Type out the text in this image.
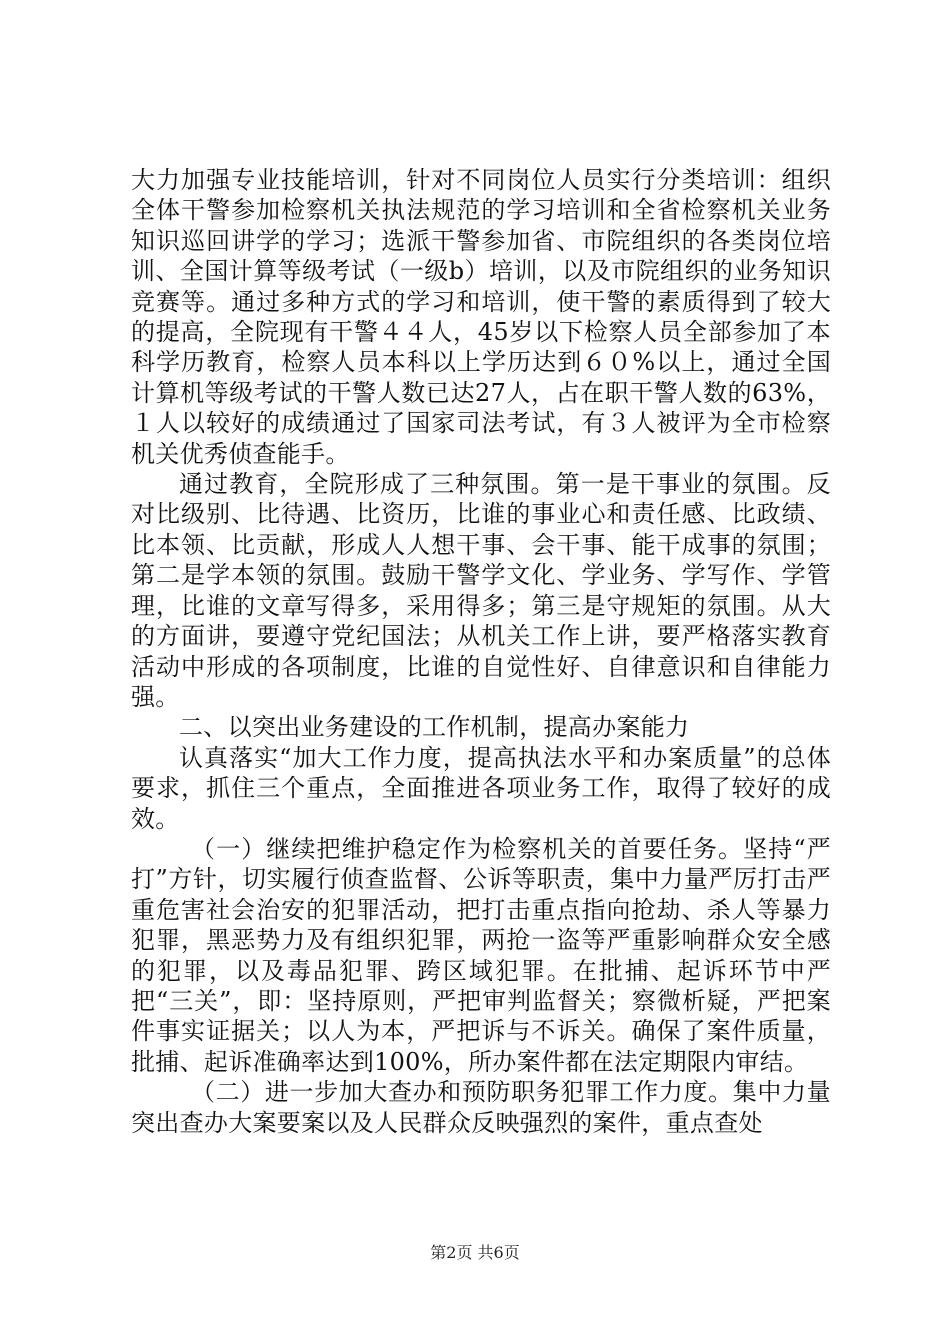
大力加强专业技能培训，针对不同岗位人员实行分类培训：组织全体干警参加检察机关执法规范的学习培训和全省检察机关业务知识巡回讲学的学习；选派干警参加省、市院组织的各类岗位培训、全国计算等级考试（一级b）培训，以及市院组织的业务知识竞赛等。通过多种方式的学习和培训，使干警的素质得到了较大的提高，全院现有干警４４人，45岁以下检察人员全部参加了本科学历教育，检察人员本科以上学历达到６０%以上，通过全国计算机等级考试的干警人数已达27人，占在职干警人数的63%，１人以较好的成绩通过了国家司法考试，有３人被评为全市检察机关优秀侦查能手。

通过教育，全院形成了三种氛围。第一是干事业的氛围。反对比级别、比待遇、比资历，比谁的事业心和责任感、比政绩、比本领、比贡献，形成人人想干事、会干事、能干成事的氛围；第二是学本领的氛围。鼓励干警学文化、学业务、学写作、学管理，比谁的文章写得多，采用得多；第三是守规矩的氛围。从大的方面讲，要遵守党纪国法；从机关工作上讲，要严格落实教育活动中形成的各项制度，比谁的自觉性好、自律意识和自律能力强。

二、以突出业务建设的工作机制，提高办案能力

认真落实“加大工作力度，提高执法水平和办案质量”的总体要求，抓住三个重点，全面推进各项业务工作，取得了较好的成效。

（一）继续把维护稳定作为检察机关的首要任务。坚持“严打”方针，切实履行侦查监督、公诉等职责，集中力量严厉打击严重危害社会治安的犯罪活动，把打击重点指向抢劫、杀人等暴力犯罪，黑恶势力及有组织犯罪，两抢一盗等严重影响群众安全感的犯罪，以及毒品犯罪、跨区域犯罪。在批捕、起诉环节中严把“三关”，即：坚持原则，严把审判监督关；察微析疑，严把案件事实证据关；以人为本，严把诉与不诉关。确保了案件质量，批捕、起诉准确率达到100%，所办案件都在法定期限内审结。

（二）进一步加大查办和预防职务犯罪工作力度。集中力量突出查办大案要案以及人民群众反映强烈的案件，重点查处

第2页 共6页
